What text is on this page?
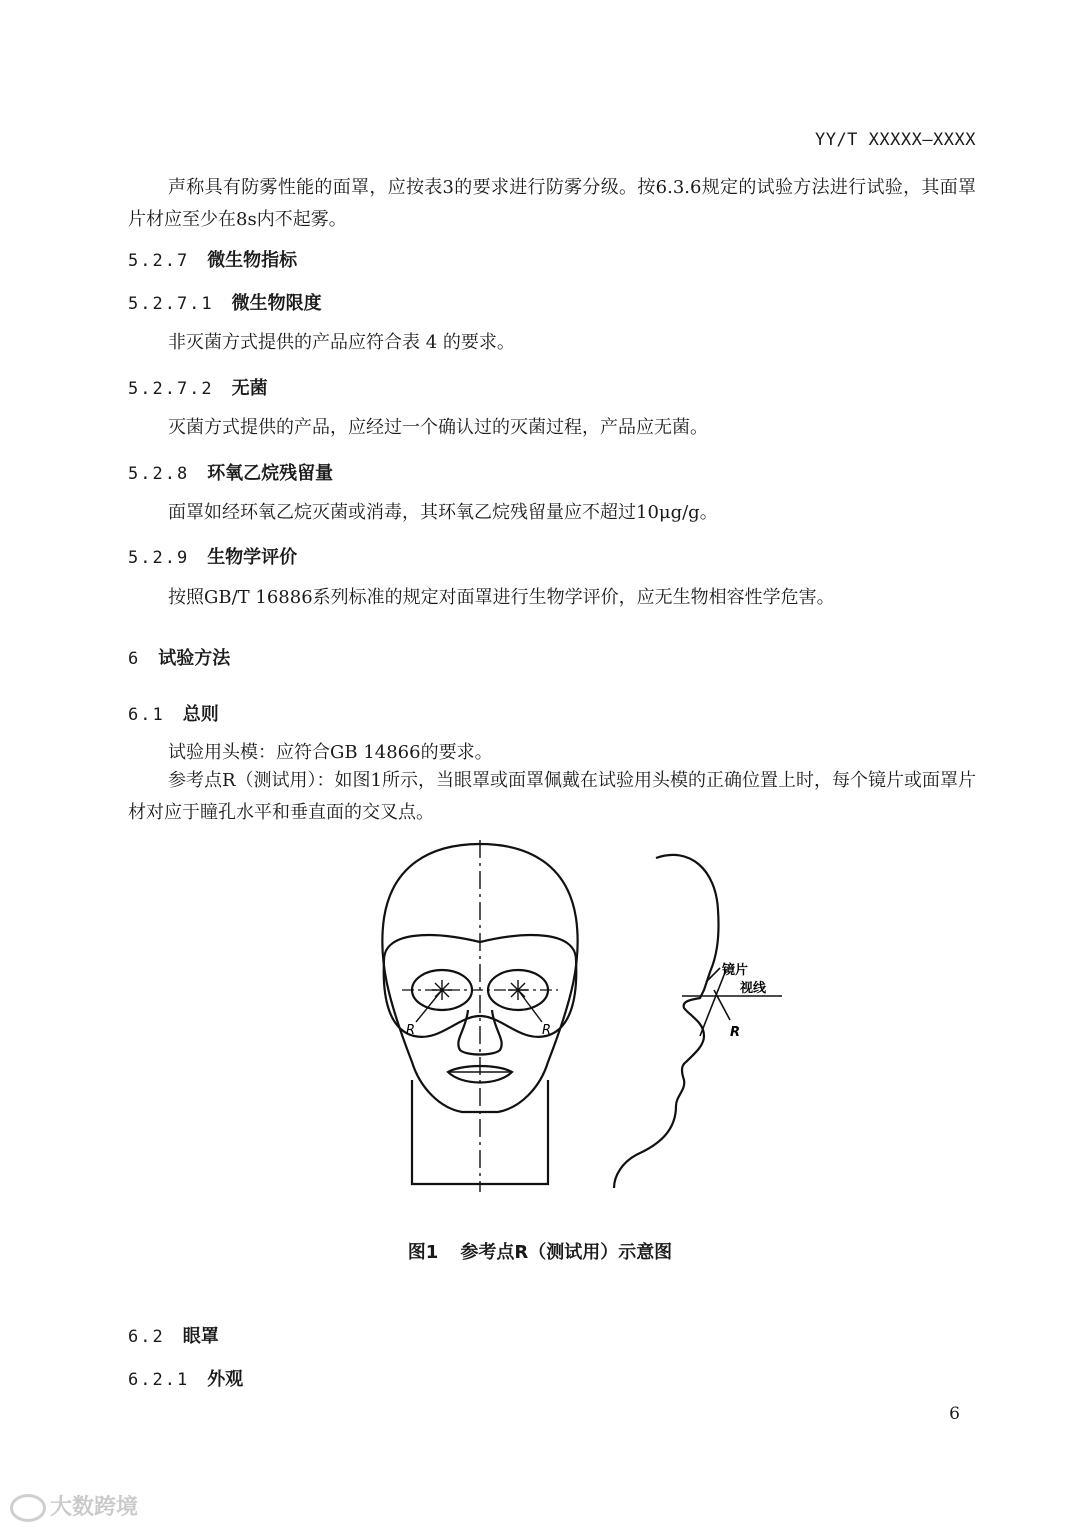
YY/T XXXXX—XXXX
声称具有防雾性能的面罩，应按表3的要求进行防雾分级。按6.3.6规定的试验方法进行试验，其面罩片材应至少在8s内不起雾。
5.2.7 微生物指标
5.2.7.1 微生物限度
非灭菌方式提供的产品应符合表 4 的要求。
5.2.7.2 无菌
灭菌方式提供的产品，应经过一个确认过的灭菌过程，产品应无菌。
5.2.8 环氧乙烷残留量
面罩如经环氧乙烷灭菌或消毒，其环氧乙烷残留量应不超过10μg/g。
5.2.9 生物学评价
按照GB/T 16886系列标准的规定对面罩进行生物学评价，应无生物相容性学危害。
6 试验方法
6.1 总则
试验用头模：应符合GB 14866的要求。
参考点R（测试用）：如图1所示，当眼罩或面罩佩戴在试验用头模的正确位置上时，每个镜片或面罩片材对应于瞳孔水平和垂直面的交叉点。
R	R
镜片
视线
R
图1 参考点R（测试用）示意图
6.2 眼罩
6.2.1 外观
6
大数跨境
